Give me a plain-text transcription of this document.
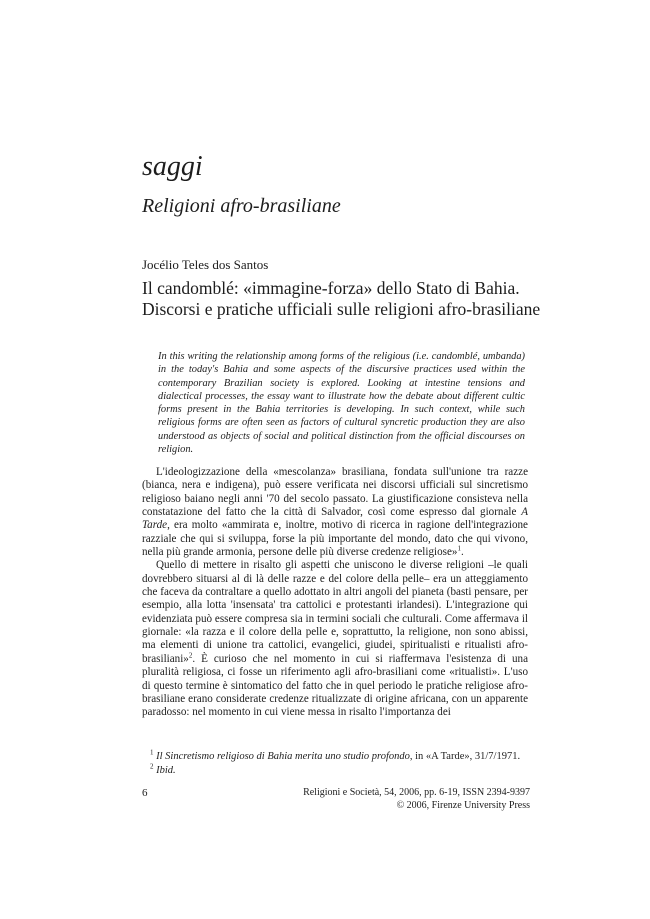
saggi
Religioni afro-brasiliane
Jocélio Teles dos Santos
Il candomblé: «immagine-forza» dello Stato di Bahia.
Discorsi e pratiche ufficiali sulle religioni afro-brasiliane
In this writing the relationship among forms of the religious (i.e. candomblé, umbanda) in the today's Bahia and some aspects of the discursive practices used within the contemporary Brazilian society is explored. Looking at intestine tensions and dialectical processes, the essay want to illustrate how the debate about different cultic forms present in the Bahia territories is developing. In such context, while such religious forms are often seen as factors of cultural syncretic production they are also understood as objects of social and political distinction from the official discourses on religion.

L'ideologizzazione della «mescolanza» brasiliana, fondata sull'unione tra razze (bianca, nera e indigena), può essere verificata nei discorsi ufficiali sul sincretismo religioso baiano negli anni '70 del secolo passato. La giustificazione consisteva nella constatazione del fatto che la città di Salvador, così come espresso dal giornale A Tarde, era molto «ammirata e, inoltre, motivo di ricerca in ragione dell'integrazione razziale che qui si sviluppa, forse la più importante del mondo, dato che qui vivono, nella più grande armonia, persone delle più diverse credenze religiose»$^1$.

Quello di mettere in risalto gli aspetti che uniscono le diverse religioni –le quali dovrebbero situarsi al di là delle razze e del colore della pelle– era un atteggiamento che faceva da contraltare a quello adottato in altri angoli del pianeta (basti pensare, per esempio, alla lotta 'insensata' tra cattolici e protestanti irlandesi). L'integrazione qui evidenziata può essere compresa sia in termini sociali che culturali. Come affermava il giornale: «la razza e il colore della pelle e, soprattutto, la religione, non sono abissi, ma elementi di unione tra cattolici, evangelici, giudei, spiritualisti e ritualisti afro-brasiliani»$^2$. È curioso che nel momento in cui si riaffermava l'esistenza di una pluralità religiosa, ci fosse un riferimento agli afro-brasiliani come «ritualisti». L'uso di questo termine è sintomatico del fatto che in quel periodo le pratiche religiose afro-brasiliane erano considerate credenze ritualizzate di origine africana, con un apparente paradosso: nel momento in cui viene messa in risalto l'importanza dei

$^1$ Il Sincretismo religioso di Bahia merita uno studio profondo, in «A Tarde», 31/7/1971.
$^2$ Ibid.
6	Religioni e Società, 54, 2006, pp. 6-19, ISSN 2394-9397
© 2006, Firenze University Press
